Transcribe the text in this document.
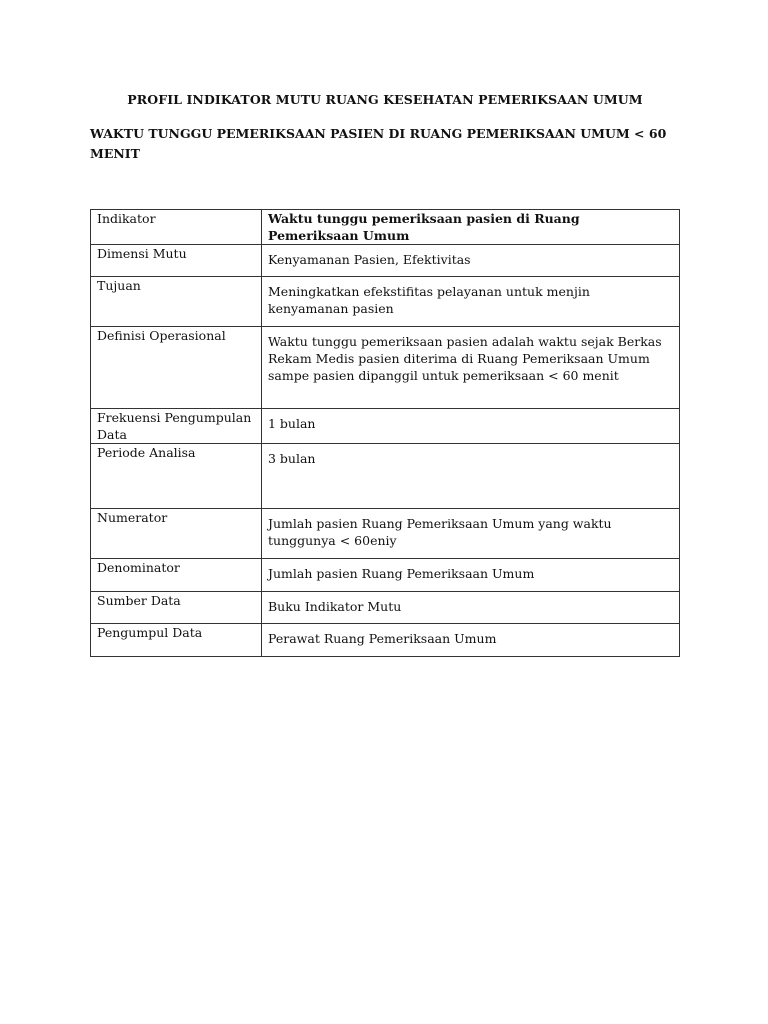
PROFIL INDIKATOR MUTU RUANG KESEHATAN PEMERIKSAAN UMUM
WAKTU TUNGGU PEMERIKSAAN PASIEN DI RUANG PEMERIKSAAN UMUM < 60 MENIT
Indikator	Waktu tunggu pemeriksaan pasien di Ruang Pemeriksaan Umum
Dimensi Mutu	Kenyamanan Pasien, Efektivitas
Tujuan	Meningkatkan efekstifitas pelayanan untuk menjin kenyamanan pasien
Definisi Operasional	Waktu tunggu pemeriksaan pasien adalah waktu sejak Berkas Rekam Medis pasien diterima di Ruang Pemeriksaan Umum sampe pasien dipanggil untuk pemeriksaan < 60 menit
Frekuensi Pengumpulan Data	1 bulan
Periode Analisa	3 bulan
Numerator	Jumlah pasien Ruang Pemeriksaan Umum yang waktu tunggunya < 60eniy
Denominator	Jumlah pasien Ruang Pemeriksaan Umum
Sumber Data	Buku Indikator Mutu
Pengumpul Data	Perawat Ruang Pemeriksaan Umum
